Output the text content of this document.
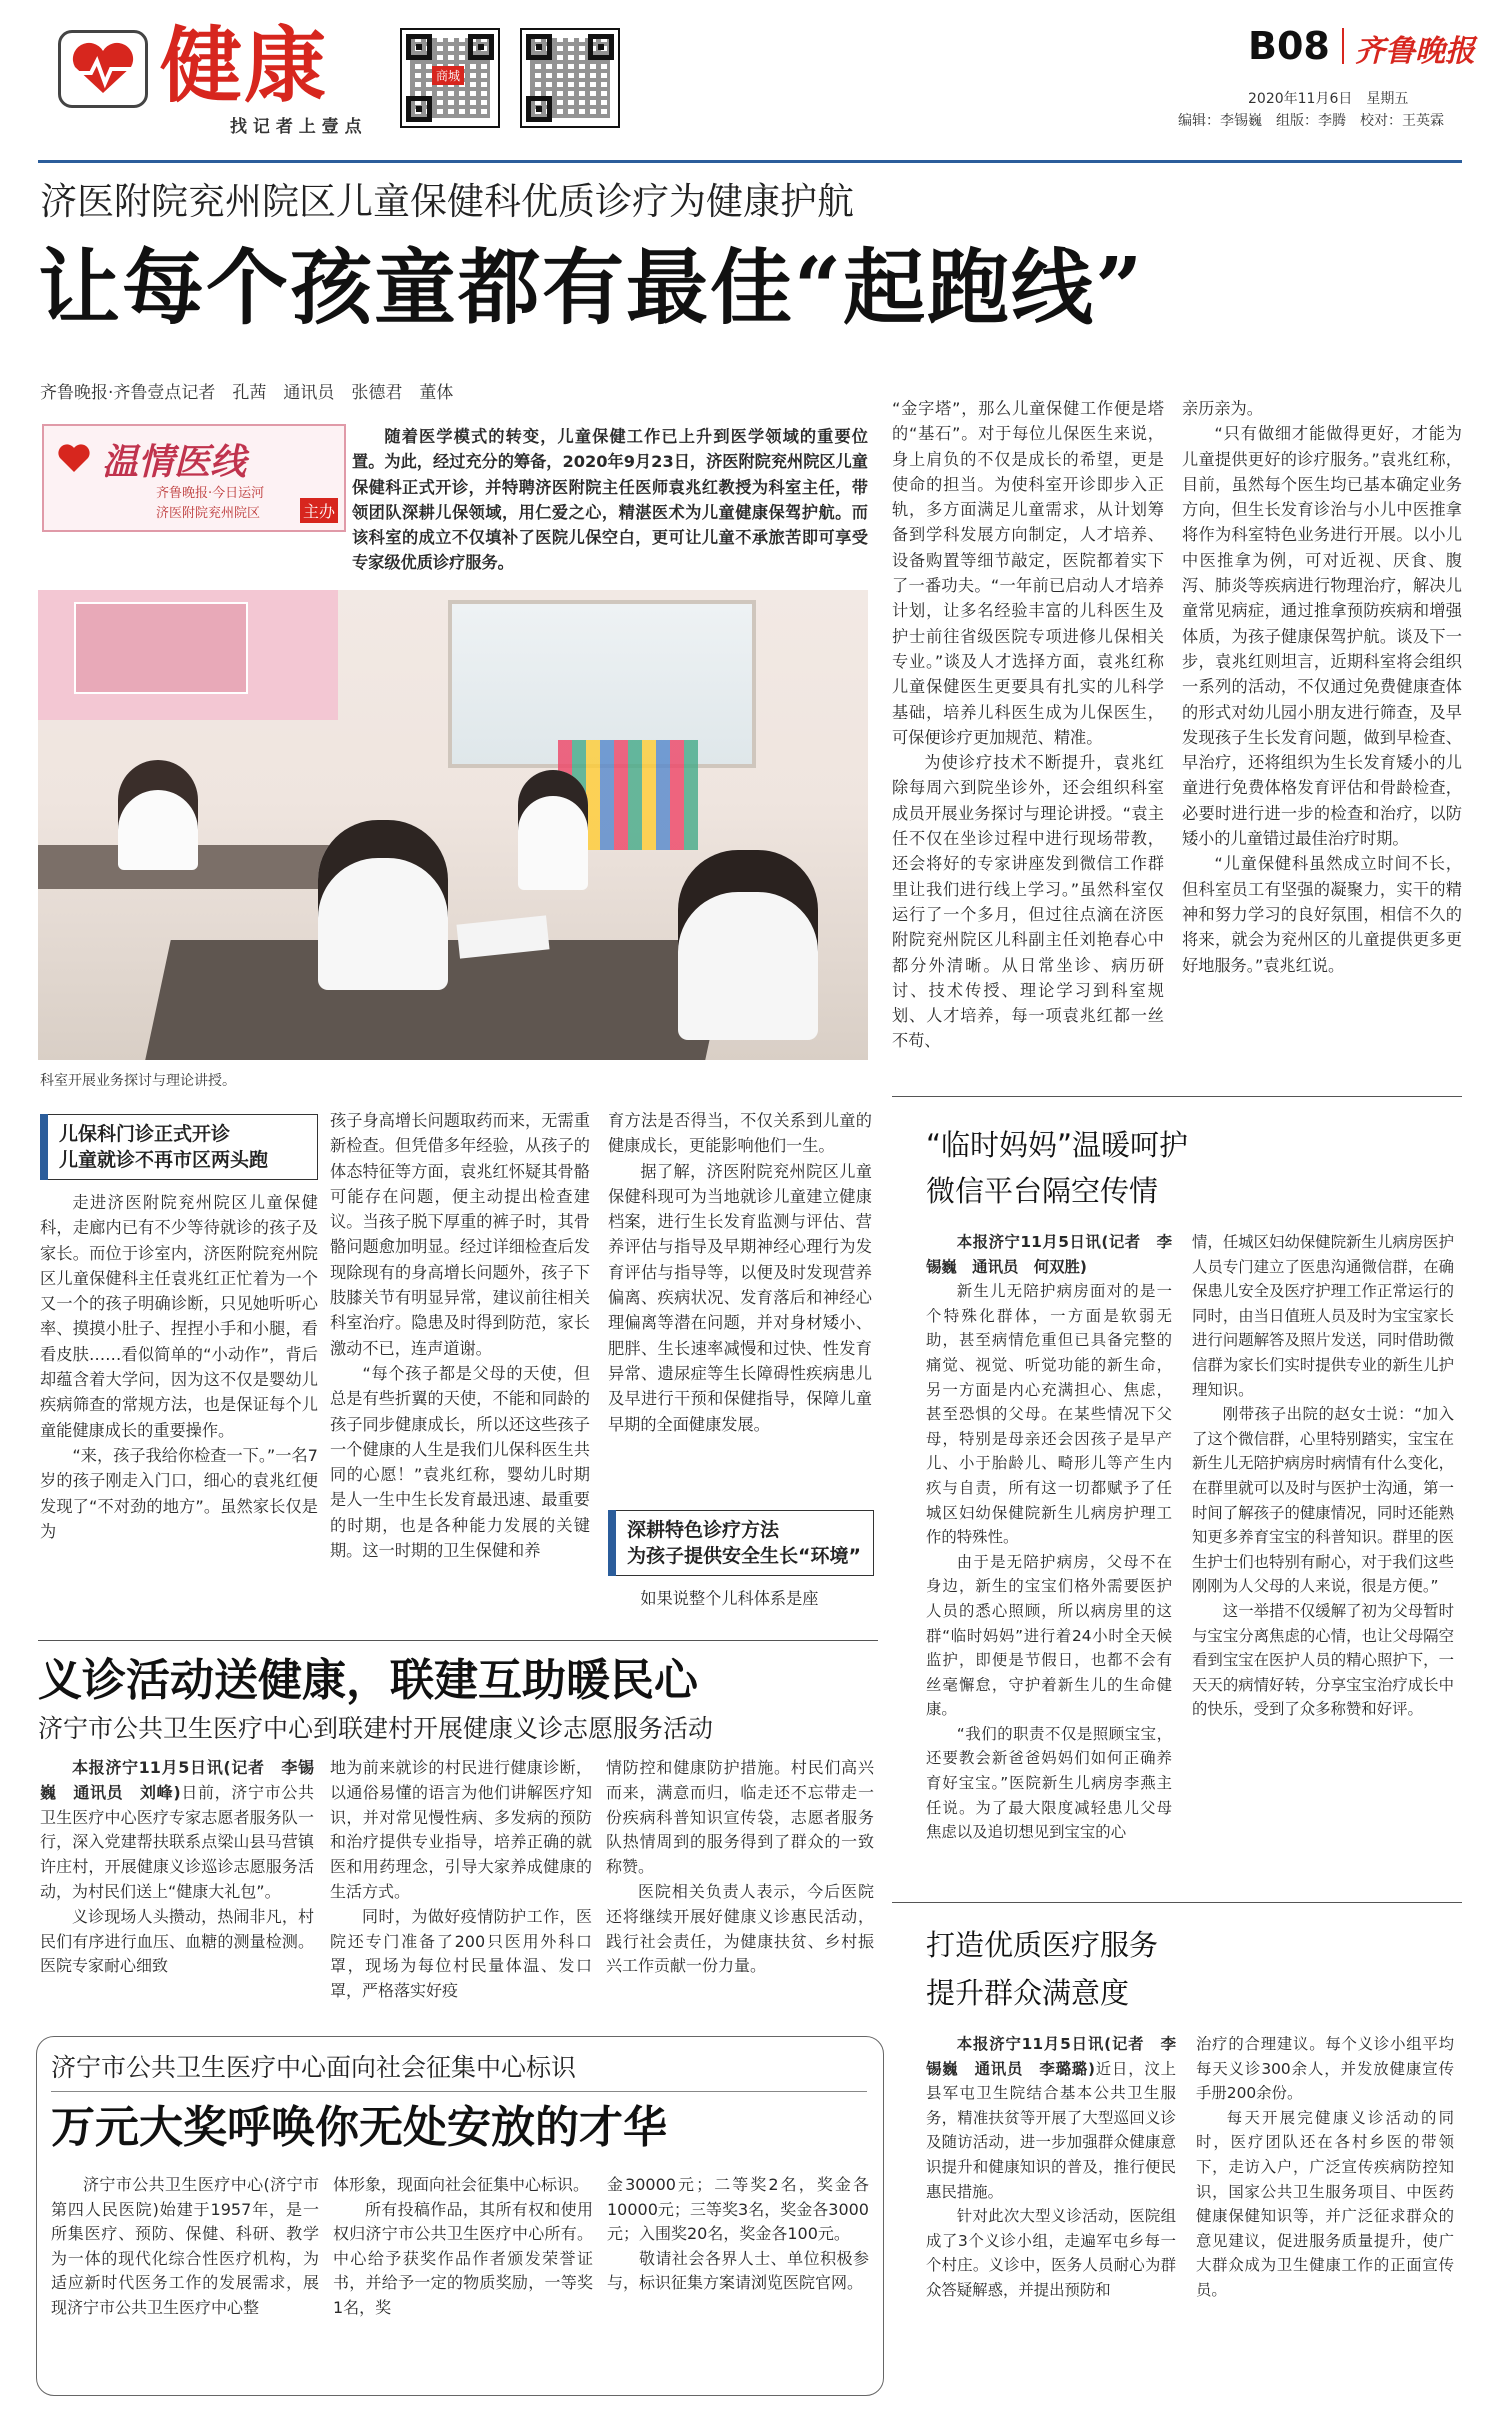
健康
找 记 者 上 壹 点
商城
B08 齐鲁晚报
2020年11月6日　星期五
编辑：李锡巍　组版：李腾　校对：王英霖
济医附院兖州院区儿童保健科优质诊疗为健康护航
让每个孩童都有最佳“起跑线”
齐鲁晚报·齐鲁壹点记者　孔茜　通讯员　张德君　董体
温情医线
齐鲁晚报·今日运河
济医附院兖州院区	主办

随着医学模式的转变，儿童保健工作已上升到医学领域的重要位置。为此，经过充分的筹备，2020年9月23日，济医附院兖州院区儿童保健科正式开诊，并特聘济医附院主任医师袁兆红教授为科室主任，带领团队深耕儿保领域，用仁爱之心，精湛医术为儿童健康保驾护航。而该科室的成立不仅填补了医院儿保空白，更可让儿童不承旅苦即可享受专家级优质诊疗服务。

科室开展业务探讨与理论讲授。

“金字塔”，那么儿童保健工作便是塔的“基石”。对于每位儿保医生来说，身上肩负的不仅是成长的希望，更是使命的担当。为使科室开诊即步入正轨，多方面满足儿童需求，从计划筹备到学科发展方向制定，人才培养、设备购置等细节敲定，医院都着实下了一番功夫。“一年前已启动人才培养计划，让多名经验丰富的儿科医生及护士前往省级医院专项进修儿保相关专业。”谈及人才选择方面，袁兆红称儿童保健医生更要具有扎实的儿科学基础，培养儿科医生成为儿保医生，可保便诊疗更加规范、精准。

为使诊疗技术不断提升，袁兆红除每周六到院坐诊外，还会组织科室成员开展业务探讨与理论讲授。“袁主任不仅在坐诊过程中进行现场带教，还会将好的专家讲座发到微信工作群里让我们进行线上学习。”虽然科室仅运行了一个多月，但过往点滴在济医附院兖州院区儿科副主任刘艳春心中都分外清晰。从日常坐诊、病历研讨、技术传授、理论学习到科室规划、人才培养，每一项袁兆红都一丝不苟、

亲历亲为。

“只有做细才能做得更好，才能为儿童提供更好的诊疗服务。”袁兆红称，目前，虽然每个医生均已基本确定业务方向，但生长发育诊治与小儿中医推拿将作为科室特色业务进行开展。以小儿中医推拿为例，可对近视、厌食、腹泻、肺炎等疾病进行物理治疗，解决儿童常见病症，通过推拿预防疾病和增强体质，为孩子健康保驾护航。谈及下一步，袁兆红则坦言，近期科室将会组织一系列的活动，不仅通过免费健康查体的形式对幼儿园小朋友进行筛查，及早发现孩子生长发育问题，做到早检查、早治疗，还将组织为生长发育矮小的儿童进行免费体格发育评估和骨龄检查，必要时进行进一步的检查和治疗，以防矮小的儿童错过最佳治疗时期。

“儿童保健科虽然成立时间不长，但科室员工有坚强的凝聚力，实干的精神和努力学习的良好氛围，相信不久的将来，就会为兖州区的儿童提供更多更好地服务。”袁兆红说。

儿保科门诊正式开诊
儿童就诊不再市区两头跑

走进济医附院兖州院区儿童保健科，走廊内已有不少等待就诊的孩子及家长。而位于诊室内，济医附院兖州院区儿童保健科主任袁兆红正忙着为一个又一个的孩子明确诊断，只见她听听心率、摸摸小肚子、捏捏小手和小腿，看看皮肤……看似简单的“小动作”，背后却蕴含着大学问，因为这不仅是婴幼儿疾病筛查的常规方法，也是保证每个儿童能健康成长的重要操作。

“来，孩子我给你检查一下。”一名7岁的孩子刚走入门口，细心的袁兆红便发现了“不对劲的地方”。虽然家长仅是为

孩子身高增长问题取药而来，无需重新检查。但凭借多年经验，从孩子的体态特征等方面，袁兆红怀疑其骨骼可能存在问题，便主动提出检查建议。当孩子脱下厚重的裤子时，其骨骼问题愈加明显。经过详细检查后发现除现有的身高增长问题外，孩子下肢膝关节有明显异常，建议前往相关科室治疗。隐患及时得到防范，家长激动不已，连声道谢。

“每个孩子都是父母的天使，但总是有些折翼的天使，不能和同龄的孩子同步健康成长，所以还这些孩子一个健康的人生是我们儿保科医生共同的心愿！”袁兆红称，婴幼儿时期是人一生中生长发育最迅速、最重要的时期，也是各种能力发展的关键期。这一时期的卫生保健和养

育方法是否得当，不仅关系到儿童的健康成长，更能影响他们一生。

据了解，济医附院兖州院区儿童保健科现可为当地就诊儿童建立健康档案，进行生长发育监测与评估、营养评估与指导及早期神经心理行为发育评估与指导等，以便及时发现营养偏离、疾病状况、发育落后和神经心理偏离等潜在问题，并对身材矮小、肥胖、生长速率减慢和过快、性发育异常、遗尿症等生长障碍性疾病患儿及早进行干预和保健指导，保障儿童早期的全面健康发展。

深耕特色诊疗方法
为孩子提供安全生长“环境”

如果说整个儿科体系是座

“临时妈妈”温暖呵护
微信平台隔空传情

本报济宁11月5日讯(记者　李锡巍　通讯员　何双胜)

新生儿无陪护病房面对的是一个特殊化群体，一方面是软弱无助，甚至病情危重但已具备完整的痛觉、视觉、听觉功能的新生命，另一方面是内心充满担心、焦虑，甚至恐惧的父母。在某些情况下父母，特别是母亲还会因孩子是早产儿、小于胎龄儿、畸形儿等产生内疚与自责，所有这一切都赋予了任城区妇幼保健院新生儿病房护理工作的特殊性。

由于是无陪护病房，父母不在身边，新生的宝宝们格外需要医护人员的悉心照顾，所以病房里的这群“临时妈妈”进行着24小时全天候监护，即便是节假日，也都不会有丝毫懈怠，守护着新生儿的生命健康。

“我们的职责不仅是照顾宝宝，还要教会新爸爸妈妈们如何正确养育好宝宝。”医院新生儿病房李燕主任说。为了最大限度减轻患儿父母焦虑以及追切想见到宝宝的心

情，任城区妇幼保健院新生儿病房医护人员专门建立了医患沟通微信群，在确保患儿安全及医疗护理工作正常运行的同时，由当日值班人员及时为宝宝家长进行问题解答及照片发送，同时借助微信群为家长们实时提供专业的新生儿护理知识。

刚带孩子出院的赵女士说：“加入了这个微信群，心里特别踏实，宝宝在新生儿无陪护病房时病情有什么变化，在群里就可以及时与医护士沟通，第一时间了解孩子的健康情况，同时还能熟知更多养育宝宝的科普知识。群里的医生护士们也特别有耐心，对于我们这些刚刚为人父母的人来说，很是方便。”

这一举措不仅缓解了初为父母暂时与宝宝分离焦虑的心情，也让父母隔空看到宝宝在医护人员的精心照护下，一天天的病情好转，分享宝宝治疗成长中的快乐，受到了众多称赞和好评。

打造优质医疗服务
提升群众满意度

本报济宁11月5日讯(记者　李锡巍　通讯员　李璐璐)近日，汶上县军屯卫生院结合基本公共卫生服务，精准扶贫等开展了大型巡回义诊及随访活动，进一步加强群众健康意识提升和健康知识的普及，推行便民惠民措施。

针对此次大型义诊活动，医院组成了3个义诊小组，走遍军屯乡每一个村庄。义诊中，医务人员耐心为群众答疑解惑，并提出预防和

治疗的合理建议。每个义诊小组平均每天义诊300余人，并发放健康宣传手册200余份。

每天开展完健康义诊活动的同时，医疗团队还在各村乡医的带领下，走访入户，广泛宣传疾病防控知识，国家公共卫生服务项目、中医药健康保健知识等，并广泛征求群众的意见建议，促进服务质量提升，使广大群众成为卫生健康工作的正面宣传员。

义诊活动送健康，联建互助暖民心
济宁市公共卫生医疗中心到联建村开展健康义诊志愿服务活动

本报济宁11月5日讯(记者　李锡巍　通讯员　刘峰)日前，济宁市公共卫生医疗中心医疗专家志愿者服务队一行，深入党建帮扶联系点梁山县马营镇许庄村，开展健康义诊巡诊志愿服务活动，为村民们送上“健康大礼包”。

义诊现场人头攒动，热闹非凡，村民们有序进行血压、血糖的测量检测。医院专家耐心细致

地为前来就诊的村民进行健康诊断，以通俗易懂的语言为他们讲解医疗知识，并对常见慢性病、多发病的预防和治疗提供专业指导，培养正确的就医和用药理念，引导大家养成健康的生活方式。

同时，为做好疫情防护工作，医院还专门准备了200只医用外科口罩，现场为每位村民量体温、发口罩，严格落实好疫

情防控和健康防护措施。村民们高兴而来，满意而归，临走还不忘带走一份疾病科普知识宣传袋，志愿者服务队热情周到的服务得到了群众的一致称赞。

医院相关负责人表示，今后医院还将继续开展好健康义诊惠民活动，践行社会责任，为健康扶贫、乡村振兴工作贡献一份力量。

济宁市公共卫生医疗中心面向社会征集中心标识
万元大奖呼唤你无处安放的才华

济宁市公共卫生医疗中心(济宁市第四人民医院)始建于1957年，是一所集医疗、预防、保健、科研、教学为一体的现代化综合性医疗机构，为适应新时代医务工作的发展需求，展现济宁市公共卫生医疗中心整

体形象，现面向社会征集中心标识。

所有投稿作品，其所有权和使用权归济宁市公共卫生医疗中心所有。中心给予获奖作品作者颁发荣誉证书，并给予一定的物质奖励，一等奖1名，奖

金30000元；二等奖2名，奖金各10000元；三等奖3名，奖金各3000元；入围奖20名，奖金各100元。

敬请社会各界人士、单位积极参与，标识征集方案请浏览医院官网。
